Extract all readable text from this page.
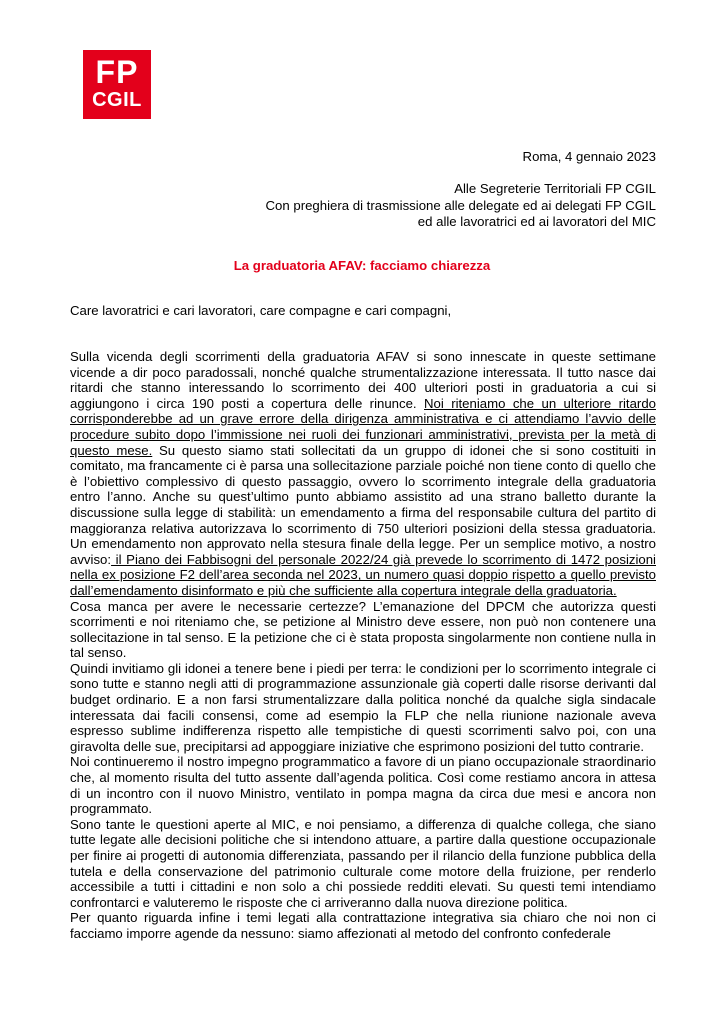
FP
CGIL
Roma, 4 gennaio 2023
Alle Segreterie Territoriali FP CGIL
Con preghiera di trasmissione alle delegate ed ai delegati FP CGIL
ed alle lavoratrici ed ai lavoratori del MIC
La graduatoria AFAV: facciamo chiarezza
Care lavoratrici e cari lavoratori, care compagne e cari compagni,

Sulla vicenda degli scorrimenti della graduatoria AFAV si sono innescate in queste settimane vicende a dir poco paradossali, nonché qualche strumentalizzazione interessata. Il tutto nasce dai ritardi che stanno interessando lo scorrimento dei 400 ulteriori posti in graduatoria a cui si aggiungono i circa 190 posti a copertura delle rinunce. Noi riteniamo che un ulteriore ritardo corrisponderebbe ad un grave errore della dirigenza amministrativa e ci attendiamo l’avvio delle procedure subito dopo l’immissione nei ruoli dei funzionari amministrativi, prevista per la metà di questo mese. Su questo siamo stati sollecitati da un gruppo di idonei che si sono costituiti in comitato, ma francamente ci è parsa una sollecitazione parziale poiché non tiene conto di quello che è l’obiettivo complessivo di questo passaggio, ovvero lo scorrimento integrale della graduatoria entro l’anno. Anche su quest’ultimo punto abbiamo assistito ad una strano balletto durante la discussione sulla legge di stabilità: un emendamento a firma del responsabile cultura del partito di maggioranza relativa autorizzava lo scorrimento di 750 ulteriori posizioni della stessa graduatoria. Un emendamento non approvato nella stesura finale della legge. Per un semplice motivo, a nostro avviso: il Piano dei Fabbisogni del personale 2022/24 già prevede lo scorrimento di 1472 posizioni nella ex posizione F2 dell’area seconda nel 2023, un numero quasi doppio rispetto a quello previsto dall’emendamento disinformato e più che sufficiente alla copertura integrale della graduatoria.

Cosa manca per avere le necessarie certezze? L’emanazione del DPCM che autorizza questi scorrimenti e noi riteniamo che, se petizione al Ministro deve essere, non può non contenere una sollecitazione in tal senso. E la petizione che ci è stata proposta singolarmente non contiene nulla in tal senso.

Quindi invitiamo gli idonei a tenere bene i piedi per terra: le condizioni per lo scorrimento integrale ci sono tutte e stanno negli atti di programmazione assunzionale già coperti dalle risorse derivanti dal budget ordinario. E a non farsi strumentalizzare dalla politica nonché da qualche sigla sindacale interessata dai facili consensi, come ad esempio la FLP che nella riunione nazionale aveva espresso sublime indifferenza rispetto alle tempistiche di questi scorrimenti salvo poi, con una giravolta delle sue, precipitarsi ad appoggiare iniziative che esprimono posizioni del tutto contrarie.

Noi continueremo il nostro impegno programmatico a favore di un piano occupazionale straordinario che, al momento risulta del tutto assente dall’agenda politica. Così come restiamo ancora in attesa di un incontro con il nuovo Ministro, ventilato in pompa magna da circa due mesi e ancora non programmato.

Sono tante le questioni aperte al MIC, e noi pensiamo, a differenza di qualche collega, che siano tutte legate alle decisioni politiche che si intendono attuare, a partire dalla questione occupazionale per finire ai progetti di autonomia differenziata, passando per il rilancio della funzione pubblica della tutela e della conservazione del patrimonio culturale come motore della fruizione, per renderlo accessibile a tutti i cittadini e non solo a chi possiede redditi elevati. Su questi temi intendiamo confrontarci e valuteremo le risposte che ci arriveranno dalla nuova direzione politica.

Per quanto riguarda infine i temi legati alla contrattazione integrativa sia chiaro che noi non ci facciamo imporre agende da nessuno: siamo affezionati al metodo del confronto confederale
